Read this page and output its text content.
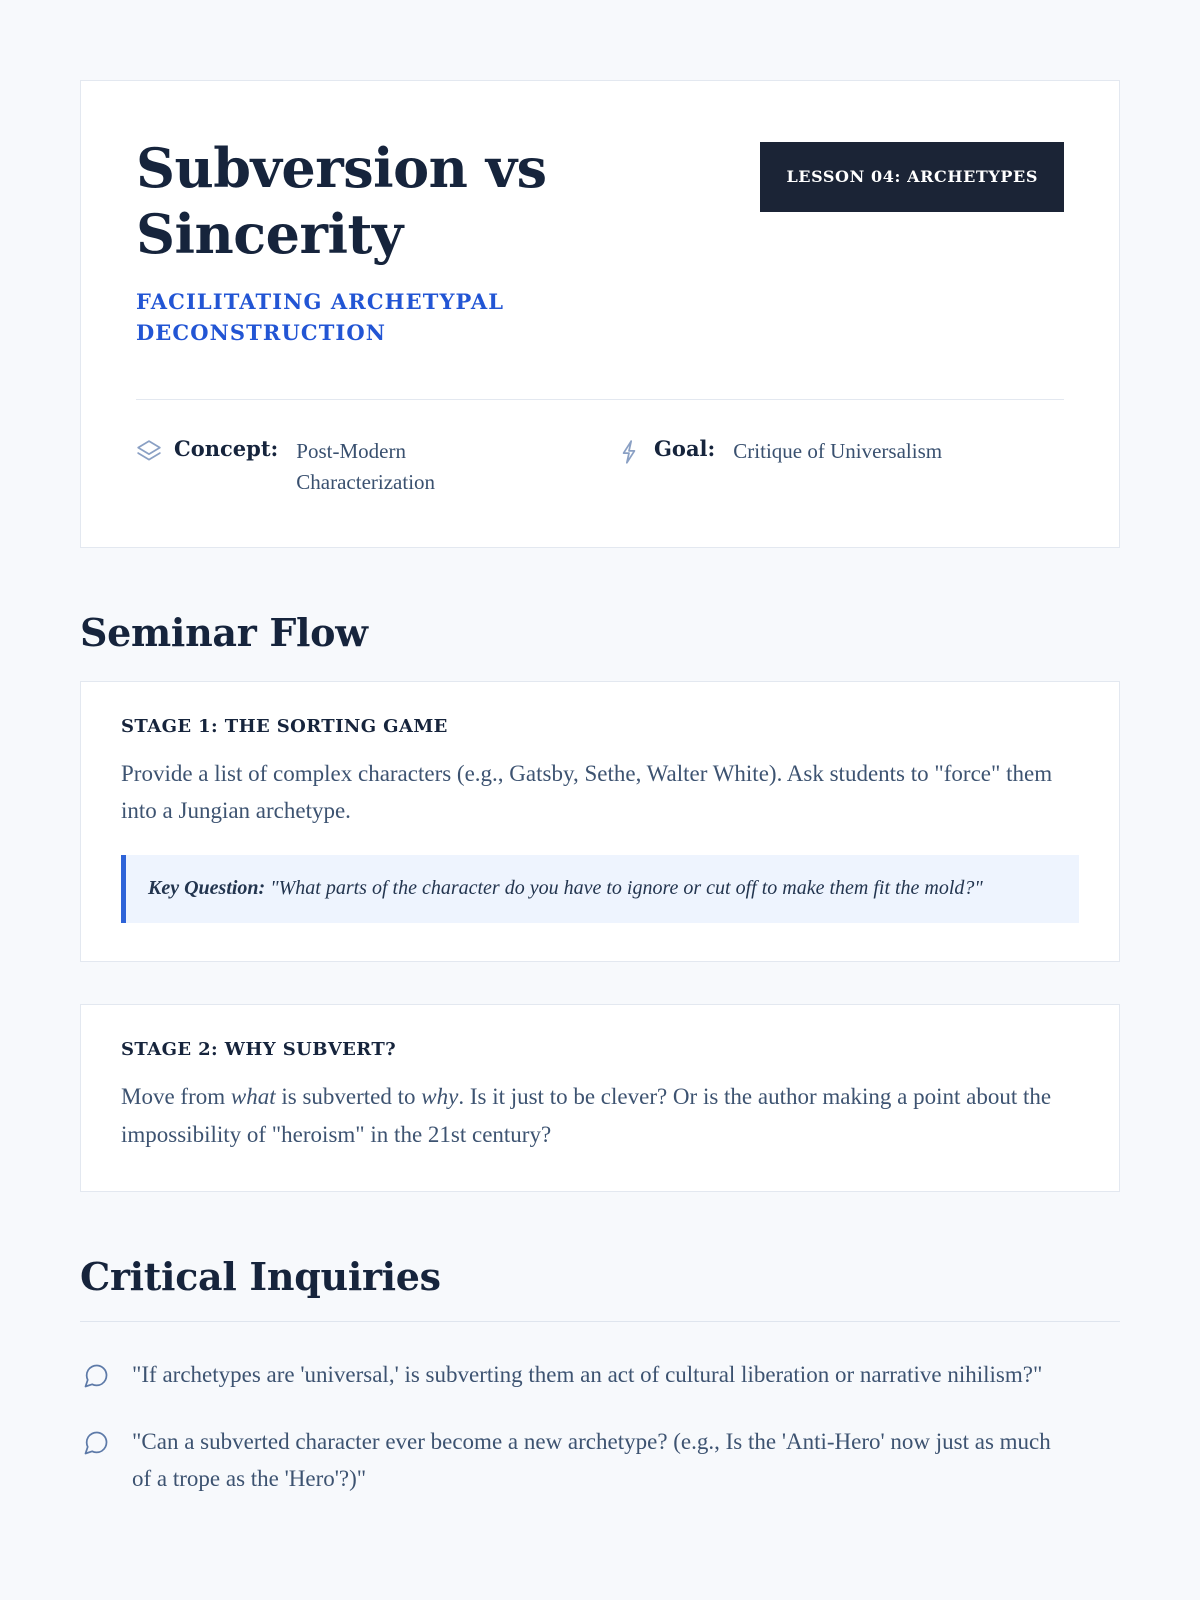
Subversion vs Sincerity
FACILITATING ARCHETYPAL DECONSTRUCTION
LESSON 04: ARCHETYPES
Concept: Post-Modern Characterization
Goal: Critique of Universalism
Seminar Flow
STAGE 1: THE SORTING GAME
Provide a list of complex characters (e.g., Gatsby, Sethe, Walter White). Ask students to "force" them into a Jungian archetype.
Key Question: "What parts of the character do you have to ignore or cut off to make them fit the mold?"
STAGE 2: WHY SUBVERT?
Move from what is subverted to why. Is it just to be clever? Or is the author making a point about the impossibility of "heroism" in the 21st century?
Critical Inquiries
"If archetypes are 'universal,' is subverting them an act of cultural liberation or narrative nihilism?"
"Can a subverted character ever become a new archetype? (e.g., Is the 'Anti-Hero' now just as much of a trope as the 'Hero'?)"
